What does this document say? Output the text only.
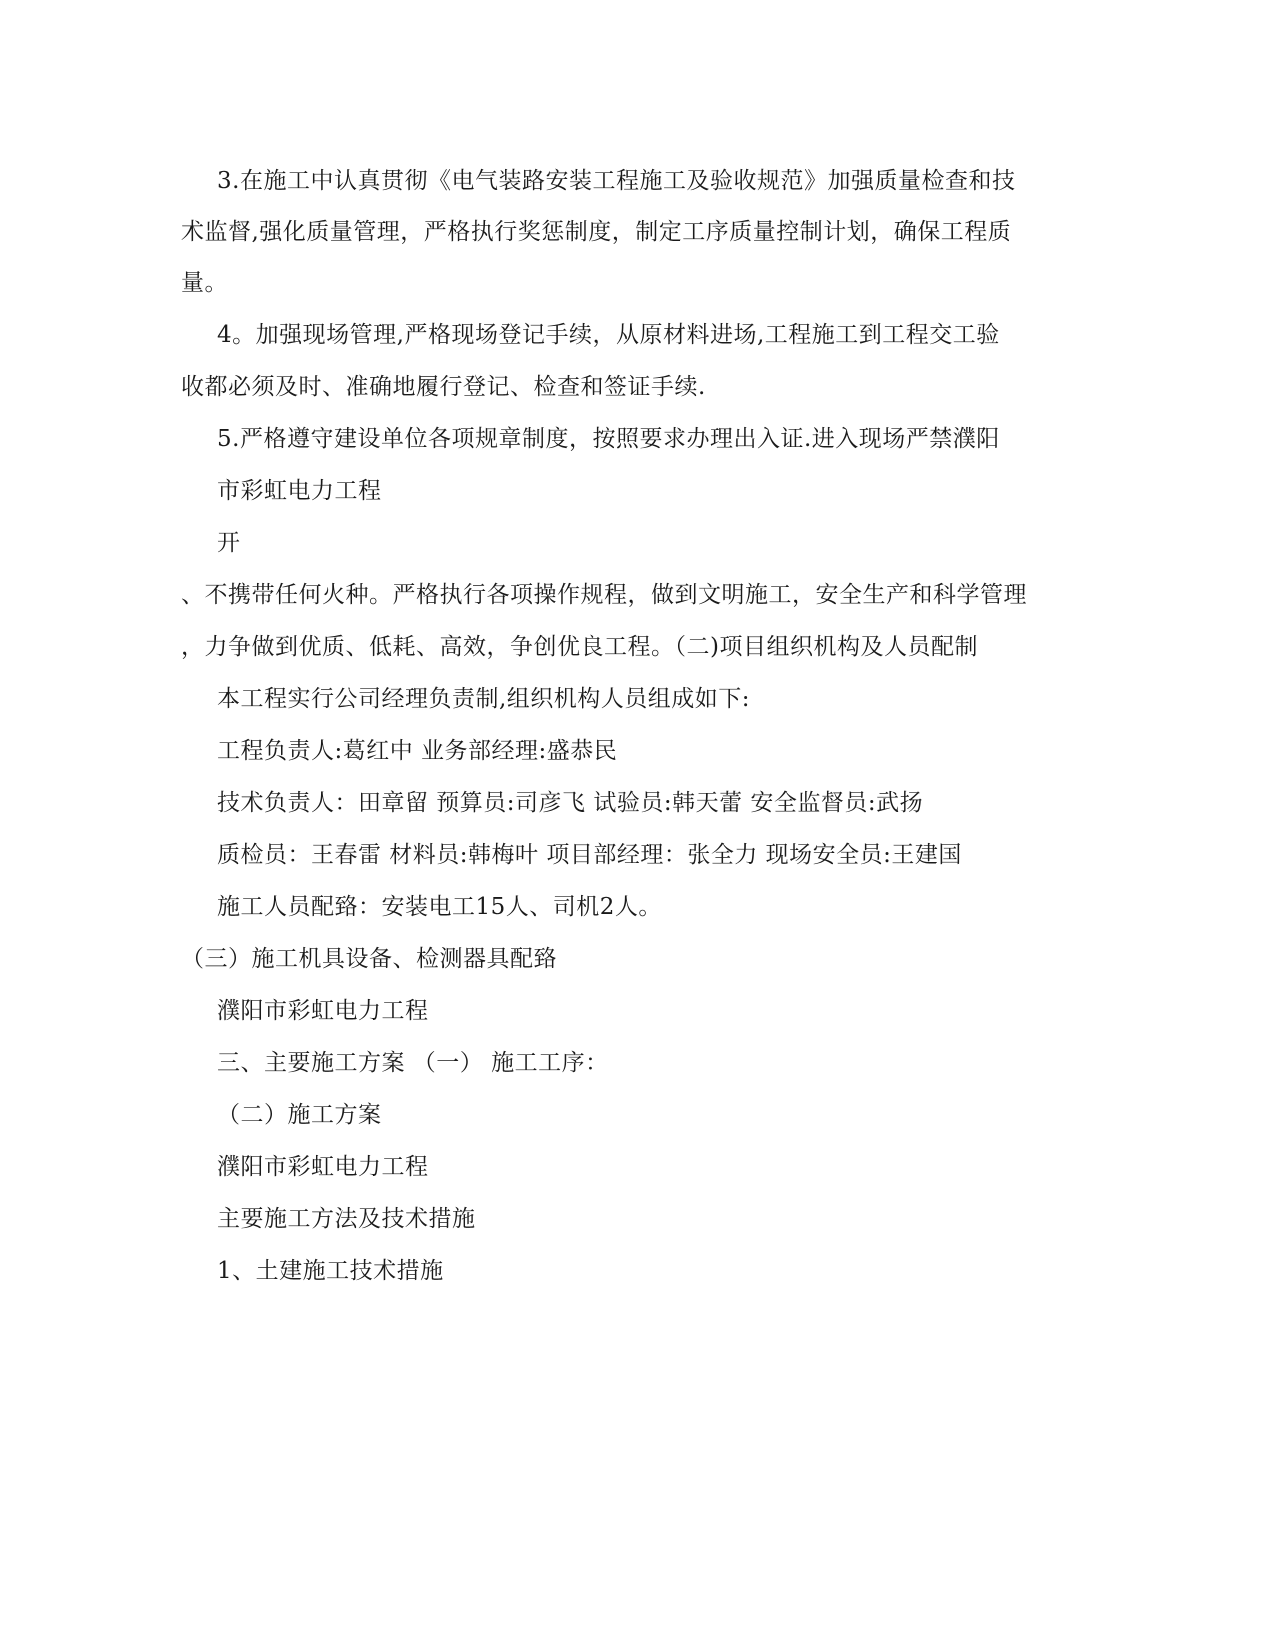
3.在施工中认真贯彻《电气装路安装工程施工及验收规范》加强质量检查和技
术监督,强化质量管理，严格执行奖惩制度，制定工序质量控制计划，确保工程质
量。
4。加强现场管理,严格现场登记手续，从原材料进场,工程施工到工程交工验
收都必须及时、准确地履行登记、检查和签证手续.
5.严格遵守建设单位各项规章制度，按照要求办理出入证.进入现场严禁濮阳
市彩虹电力工程
开
、不携带任何火种。严格执行各项操作规程，做到文明施工，安全生产和科学管理
，力争做到优质、低耗、高效，争创优良工程。（二)项目组织机构及人员配制
本工程实行公司经理负责制,组织机构人员组成如下:
工程负责人:葛红中 业务部经理:盛恭民
技术负责人：田章留 预算员:司彦飞 试验员:韩天蕾 安全监督员:武扬
质检员：王春雷 材料员:韩梅叶 项目部经理：张全力 现场安全员:王建国
施工人员配臵：安装电工15人、司机2人。
（三）施工机具设备、检测器具配臵
濮阳市彩虹电力工程
三、主要施工方案 （一） 施工工序：
（二）施工方案
濮阳市彩虹电力工程
主要施工方法及技术措施
1、土建施工技术措施
